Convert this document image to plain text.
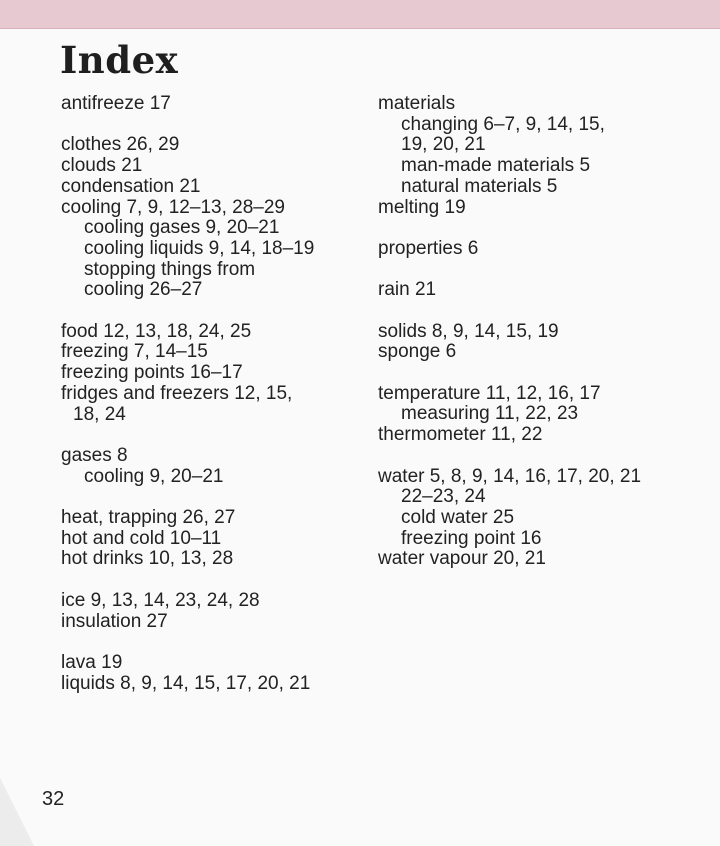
Index
antifreeze 17
clothes 26, 29
clouds 21
condensation 21
cooling 7, 9, 12–13, 28–29
cooling gases 9, 20–21
cooling liquids 9, 14, 18–19
stopping things from
cooling 26–27
food 12, 13, 18, 24, 25
freezing 7, 14–15
freezing points 16–17
fridges and freezers 12, 15,
18, 24
gases 8
cooling 9, 20–21
heat, trapping 26, 27
hot and cold 10–11
hot drinks 10, 13, 28
ice 9, 13, 14, 23, 24, 28
insulation 27
lava 19
liquids 8, 9, 14, 15, 17, 20, 21
materials
changing 6–7, 9, 14, 15,
19, 20, 21
man-made materials 5
natural materials 5
melting 19
properties 6
rain 21
solids 8, 9, 14, 15, 19
sponge 6
temperature 11, 12, 16, 17
measuring 11, 22, 23
thermometer 11, 22
water 5, 8, 9, 14, 16, 17, 20, 21
22–23, 24
cold water 25
freezing point 16
water vapour 20, 21
32
